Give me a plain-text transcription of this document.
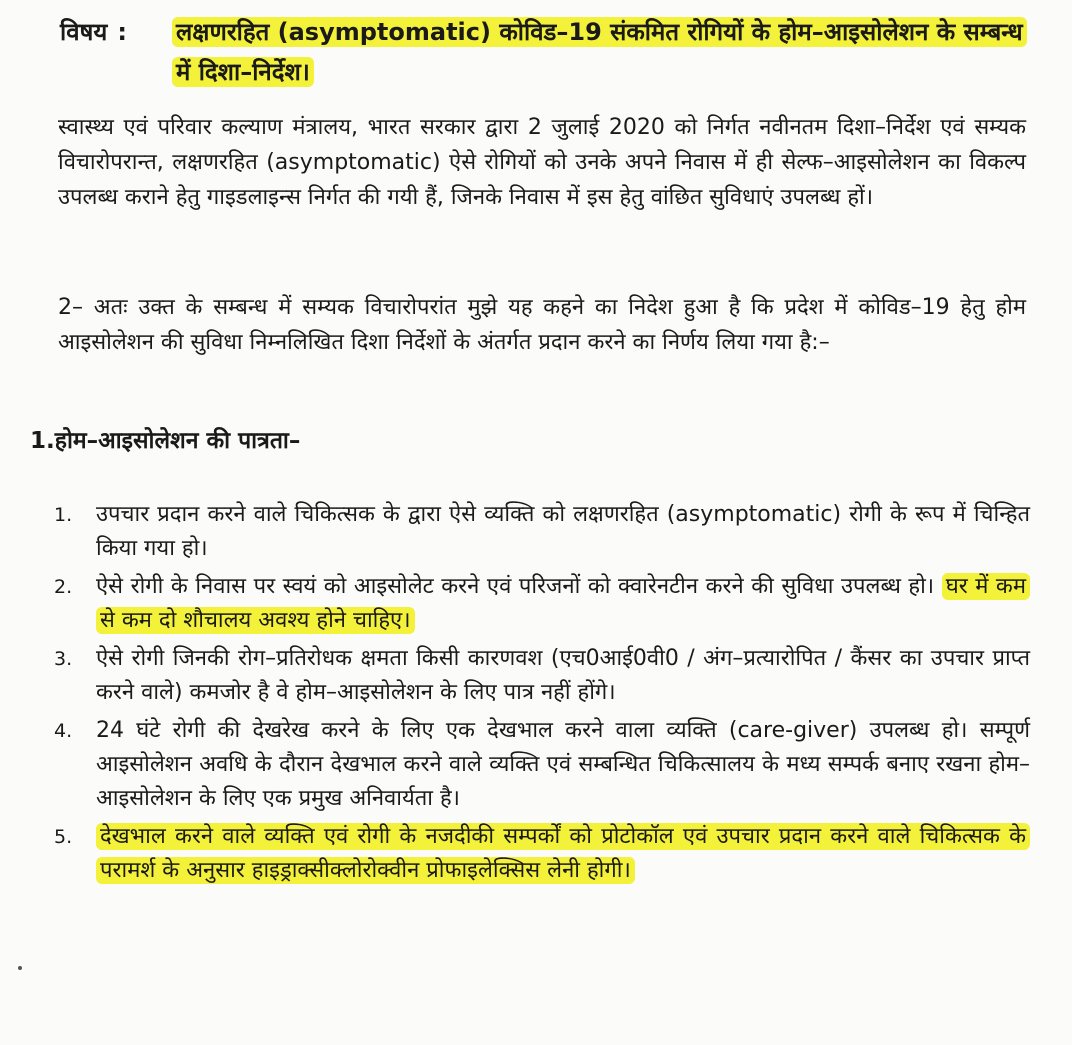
विषय : लक्षणरहित (asymptomatic) कोविड–19 संकमित रोगियों के होम–आइसोलेशन के सम्बन्ध में दिशा–निर्देश।
स्वास्थ्य एवं परिवार कल्याण मंत्रालय, भारत सरकार द्वारा 2 जुलाई 2020 को निर्गत नवीनतम दिशा–निर्देश एवं सम्यक विचारोपरान्त, लक्षणरहित (asymptomatic) ऐसे रोगियों को उनके अपने निवास में ही सेल्फ–आइसोलेशन का विकल्प उपलब्ध कराने हेतु गाइडलाइन्स निर्गत की गयी हैं, जिनके निवास में इस हेतु वांछित सुविधाएं उपलब्ध हों।
2– अतः उक्त के सम्बन्ध में सम्यक विचारोपरांत मुझे यह कहने का निदेश हुआ है कि प्रदेश में कोविड–19 हेतु होम आइसोलेशन की सुविधा निम्नलिखित दिशा निर्देशों के अंतर्गत प्रदान करने का निर्णय लिया गया है:–
1.होम–आइसोलेशन की पात्रता–
1. उपचार प्रदान करने वाले चिकित्सक के द्वारा ऐसे व्यक्ति को लक्षणरहित (asymptomatic) रोगी के रूप में चिन्हित किया गया हो।
2. ऐसे रोगी के निवास पर स्वयं को आइसोलेट करने एवं परिजनों को क्वारेनटीन करने की सुविधा उपलब्ध हो। घर में कम से कम दो शौचालय अवश्य होने चाहिए।
3. ऐसे रोगी जिनकी रोग–प्रतिरोधक क्षमता किसी कारणवश (एच0आई0वी0 / अंग–प्रत्यारोपित / कैंसर का उपचार प्राप्त करने वाले) कमजोर है वे होम–आइसोलेशन के लिए पात्र नहीं होंगे।
4. 24 घंटे रोगी की देखरेख करने के लिए एक देखभाल करने वाला व्यक्ति (care-giver) उपलब्ध हो। सम्पूर्ण आइसोलेशन अवधि के दौरान देखभाल करने वाले व्यक्ति एवं सम्बन्धित चिकित्सालय के मध्य सम्पर्क बनाए रखना होम–आइसोलेशन के लिए एक प्रमुख अनिवार्यता है।
5. देखभाल करने वाले व्यक्ति एवं रोगी के नजदीकी सम्पर्कों को प्रोटोकॉल एवं उपचार प्रदान करने वाले चिकित्सक के परामर्श के अनुसार हाइड्राक्सीक्लोरोक्वीन प्रोफाइलेक्सिस लेनी होगी।
